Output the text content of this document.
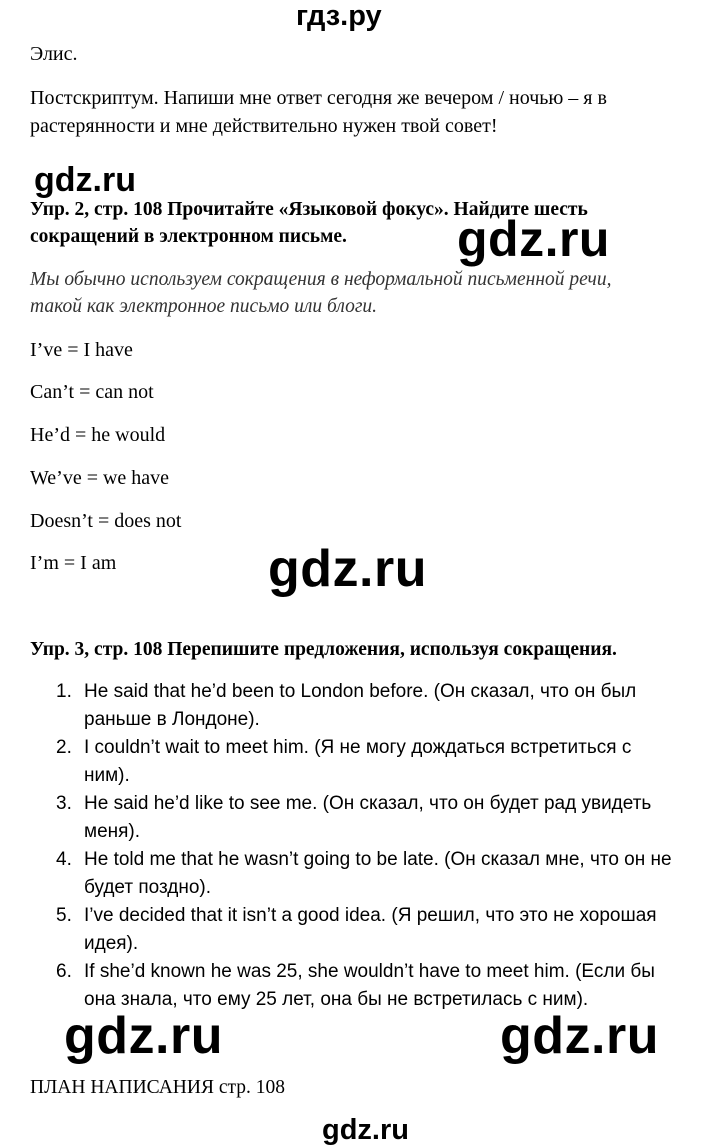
гдз.ру
Элис.
Постскриптум. Напиши мне ответ сегодня же вечером / ночью – я в
растерянности и мне действительно нужен твой совет!
gdz.ru
Упр. 2, стр. 108 Прочитайте «Языковой фокус». Найдите шесть
сокращений в электронном письме. gdz.ru
Мы обычно используем сокращения в неформальной письменной речи,
такой как электронное письмо или блоги.
I’ve = I have
Can’t = can not
He’d = he would
We’ve = we have
Doesn’t = does not
I’m = I am	gdz.ru
Упр. 3, стр. 108 Перепишите предложения, используя сокращения.
1. He said that he’d been to London before. (Он сказал, что он был
раньше в Лондоне).
2. I couldn’t wait to meet him. (Я не могу дождаться встретиться с
ним).
3. He said he’d like to see me. (Он сказал, что он будет рад увидеть
меня).
4. He told me that he wasn’t going to be late. (Он сказал мне, что он не
будет поздно).
5. I’ve decided that it isn’t a good idea. (Я решил, что это не хорошая
идея).
6. If she’d known he was 25, she wouldn’t have to meet him. (Если бы
она знала, что ему 25 лет, она бы не встретилась с ним).
gdz.ru	gdz.ru
ПЛАН НАПИСАНИЯ стр. 108
gdz.ru
